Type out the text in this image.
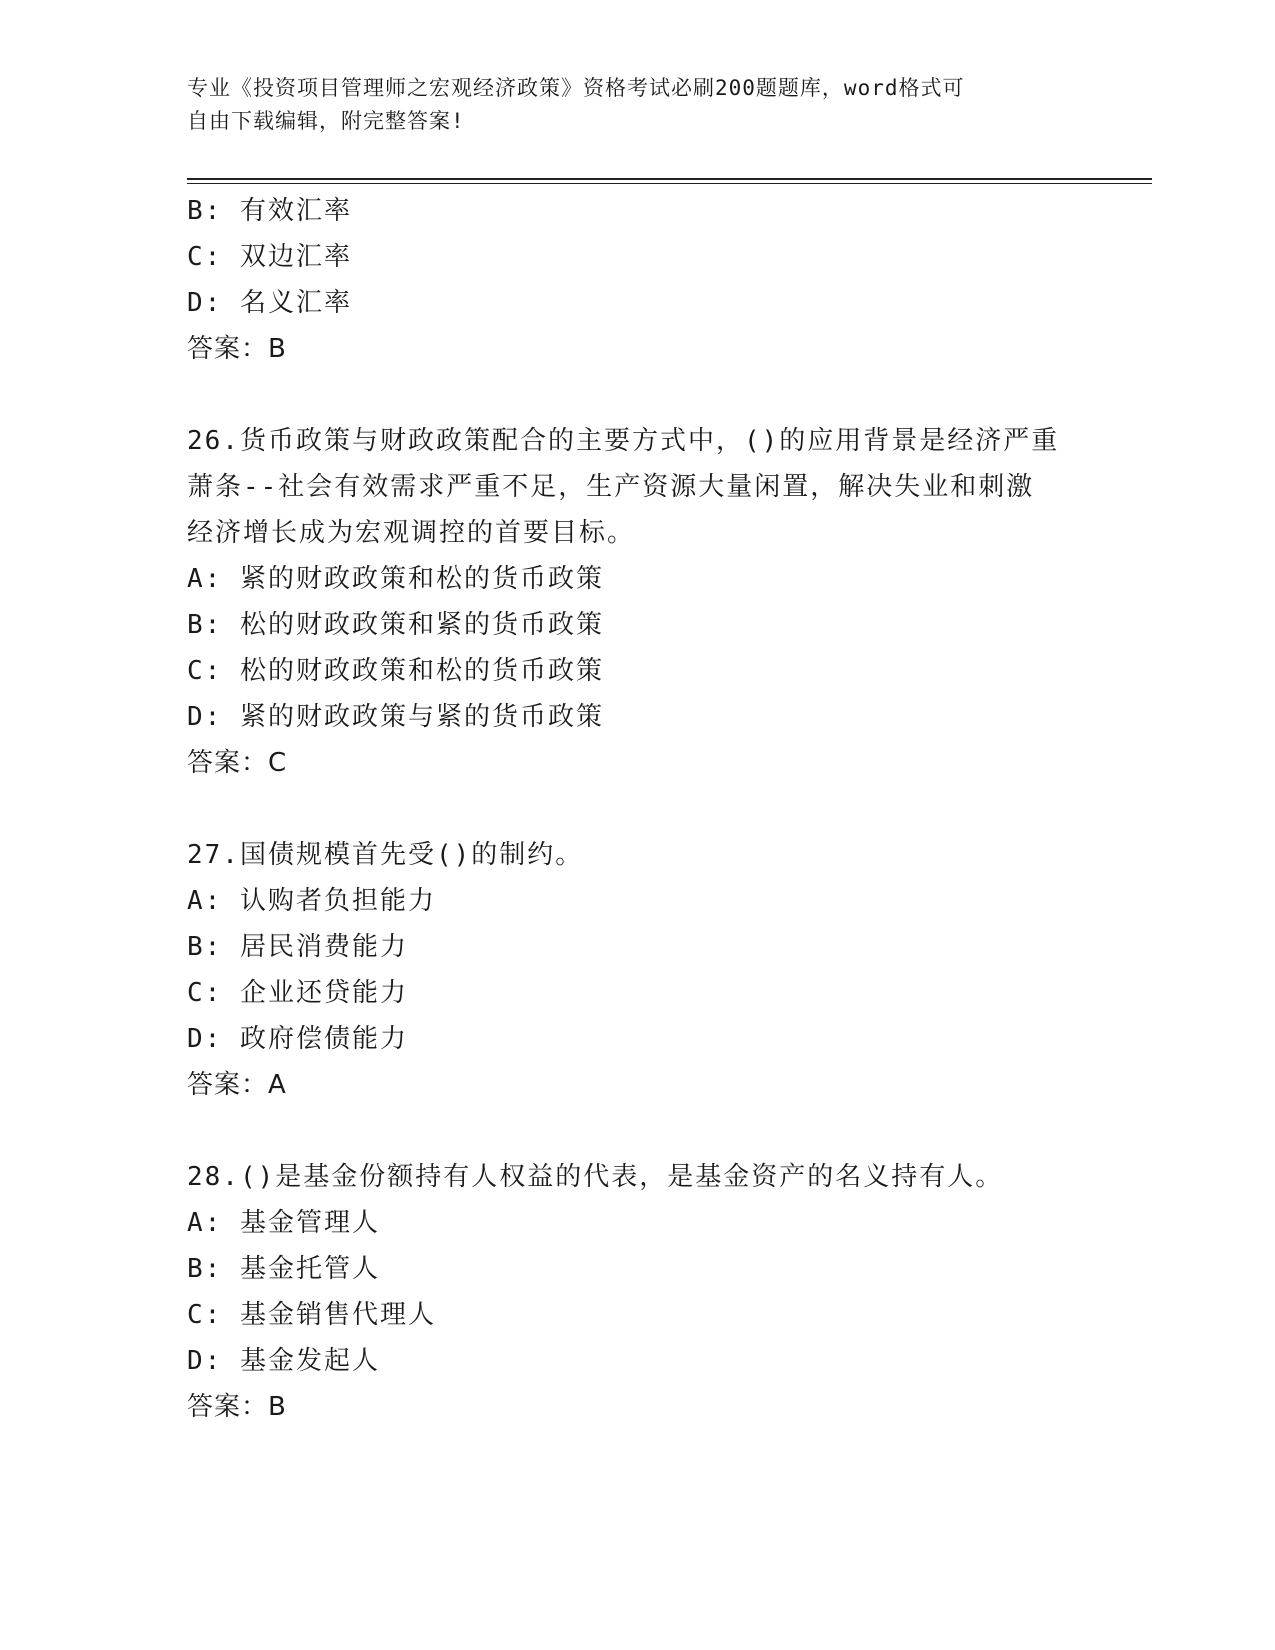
专业《投资项目管理师之宏观经济政策》资格考试必刷200题题库，word格式可
自由下载编辑，附完整答案!
B: 有效汇率
C: 双边汇率
D: 名义汇率
答案：B
26.货币政策与财政政策配合的主要方式中，()的应用背景是经济严重
萧条--社会有效需求严重不足，生产资源大量闲置，解决失业和刺激
经济增长成为宏观调控的首要目标。
A: 紧的财政政策和松的货币政策
B: 松的财政政策和紧的货币政策
C: 松的财政政策和松的货币政策
D: 紧的财政政策与紧的货币政策
答案：C
27.国债规模首先受()的制约。
A: 认购者负担能力
B: 居民消费能力
C: 企业还贷能力
D: 政府偿债能力
答案：A
28.()是基金份额持有人权益的代表，是基金资产的名义持有人。
A: 基金管理人
B: 基金托管人
C: 基金销售代理人
D: 基金发起人
答案：B
